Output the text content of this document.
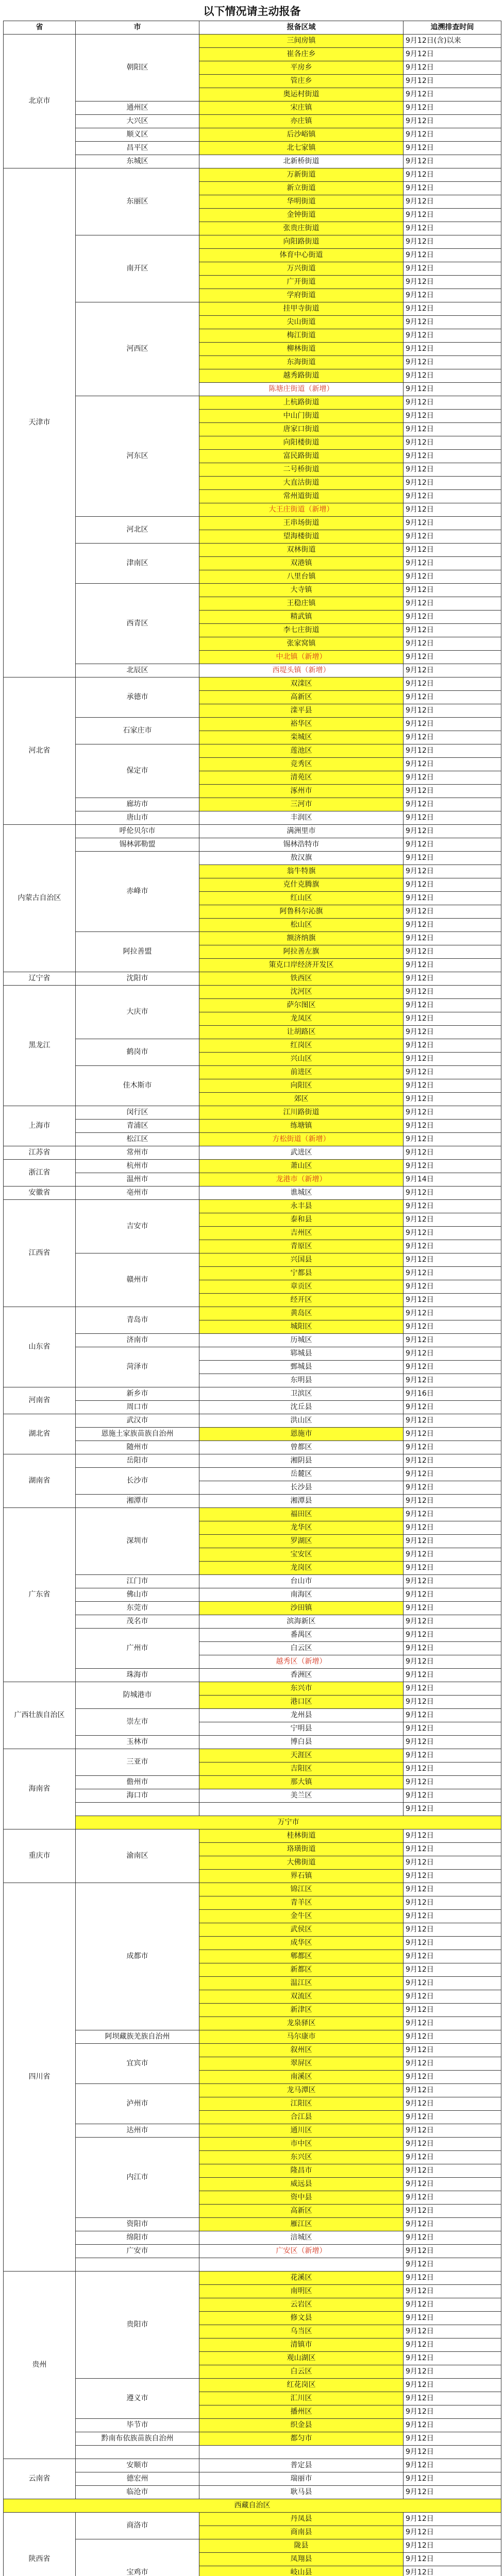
以下情况请主动报备
省	市	报备区域	追溯排查时间
北京市	朝阳区	三间房镇	9月12日(含)以来
		崔各庄乡	9月12日
		平房乡	9月12日
		管庄乡	9月12日
		奥运村街道	9月12日
	通州区	宋庄镇	9月12日
	大兴区	亦庄镇	9月12日
	顺义区	后沙峪镇	9月12日
	昌平区	北七家镇	9月12日
	东城区	北新桥街道	9月12日
天津市	东丽区	万新街道	9月12日
		新立街道	9月12日
		华明街道	9月12日
		金钟街道	9月12日
		张贵庄街道	9月12日
	南开区	向阳路街道	9月12日
		体育中心街道	9月12日
		万兴街道	9月12日
		广开街道	9月12日
		学府街道	9月12日
	河西区	挂甲寺街道	9月12日
		尖山街道	9月12日
		梅江街道	9月12日
		柳林街道	9月12日
		东海街道	9月12日
		越秀路街道	9月12日
		陈塘庄街道（新增）	9月12日
	河东区	上杭路街道	9月12日
		中山门街道	9月12日
		唐家口街道	9月12日
		向阳楼街道	9月12日
		富民路街道	9月12日
		二号桥街道	9月12日
		大直沽街道	9月12日
		常州道街道	9月12日
		大王庄街道（新增）	9月12日
	河北区	王串场街道	9月12日
		望海楼街道	9月12日
	津南区	双林街道	9月12日
		双港镇	9月12日
		八里台镇	9月12日
	西青区	大寺镇	9月12日
		王稳庄镇	9月12日
		精武镇	9月12日
		李七庄街道	9月12日
		张家窝镇	9月12日
		中北镇（新增）	9月12日
	北辰区	西堤头镇（新增）	9月12日
河北省	承德市	双滦区	9月12日
		高新区	9月12日
		滦平县	9月12日
	石家庄市	裕华区	9月12日
		栾城区	9月12日
	保定市	莲池区	9月12日
		竞秀区	9月12日
		清苑区	9月12日
		涿州市	9月12日
	廊坊市	三河市	9月12日
	唐山市	丰润区	9月12日
内蒙古自治区	呼伦贝尔市	满洲里市	9月12日
	锡林郭勒盟	锡林浩特市	9月12日
	赤峰市	敖汉旗	9月12日
		翁牛特旗	9月12日
		克什克腾旗	9月12日
		红山区	9月12日
		阿鲁科尔沁旗	9月12日
		松山区	9月12日
	阿拉善盟	额济纳旗	9月12日
		阿拉善左旗	9月12日
		策克口岸经济开发区	9月12日
辽宁省	沈阳市	铁西区	9月12日
黑龙江	大庆市	沈河区	9月12日
		萨尔图区	9月12日
		龙凤区	9月12日
		让胡路区	9月12日
	鹤岗市	红岗区	9月12日
		兴山区	9月12日
	佳木斯市	前进区	9月12日
		向阳区	9月12日
		郊区	9月12日
上海市	闵行区	江川路街道	9月12日
	青浦区	练塘镇	9月12日
	松江区	方松街道（新增）	9月12日
江苏省	常州市	武进区	9月12日
浙江省	杭州市	萧山区	9月12日
	温州市	龙港市（新增）	9月14日
安徽省	亳州市	谯城区	9月12日
江西省	吉安市	永丰县	9月12日
		泰和县	9月12日
		吉州区	9月12日
		青原区	9月12日
	赣州市	兴国县	9月12日
		宁都县	9月12日
		章贡区	9月12日
		经开区	9月12日
山东省	青岛市	黄岛区	9月12日
		城阳区	9月12日
	济南市	历城区	9月12日
	菏泽市	郓城县	9月12日
		鄄城县	9月12日
		东明县	9月12日
河南省	新乡市	卫滨区	9月16日
	周口市	沈丘县	9月12日
湖北省	武汉市	洪山区	9月12日
	恩施土家族苗族自治州	恩施市	9月12日
	随州市	曾都区	9月12日
湖南省	岳阳市	湘阴县	9月12日
	长沙市	岳麓区	9月12日
		长沙县	9月12日
	湘潭市	湘潭县	9月12日
广东省	深圳市	福田区	9月12日
		龙华区	9月12日
		罗湖区	9月12日
		宝安区	9月12日
		龙岗区	9月12日
	江门市	台山市	9月12日
	佛山市	南海区	9月12日
	东莞市	沙田镇	9月12日
	茂名市	滨海新区	9月12日
	广州市	番禺区	9月12日
		白云区	9月12日
		越秀区（新增）	9月12日
	珠海市	香洲区	9月12日
广西壮族自治区	防城港市	东兴市	9月12日
		港口区	9月12日
	崇左市	龙州县	9月12日
		宁明县	9月12日
	玉林市	博白县	9月12日
海南省	三亚市	天涯区	9月12日
		吉阳区	9月12日
	儋州市	那大镇	9月12日
	海口市	美兰区	9月12日
			9月12日
	万宁市		
重庆市	渝南区	桂林街道	9月12日
		珞璜街道	9月12日
		大佛街道	9月12日
		界石镇	9月12日
四川省	成都市	锦江区	9月12日
		青羊区	9月12日
		金牛区	9月12日
		武侯区	9月12日
		成华区	9月12日
		郫都区	9月12日
		新都区	9月12日
		温江区	9月12日
		双流区	9月12日
		新津区	9月12日
		龙泉驿区	9月12日
	阿坝藏族羌族自治州	马尔康市	9月12日
	宜宾市	叙州区	9月12日
		翠屏区	9月12日
		南溪区	9月12日
	泸州市	龙马潭区	9月12日
		江阳区	9月12日
		合江县	9月12日
	达州市	通川区	9月12日
	内江市	市中区	9月12日
		东兴区	9月12日
		隆昌市	9月12日
		威远县	9月12日
		资中县	9月12日
		高新区	9月12日
	资阳市	雁江区	9月12日
	绵阳市	涪城区	9月12日
	广安市	广安区（新增）	9月12日
			9月12日
贵州	贵阳市	花溪区	9月12日
		南明区	9月12日
		云岩区	9月12日
		修文县	9月12日
		乌当区	9月12日
		清镇市	9月12日
		观山湖区	9月12日
		白云区	9月12日
	遵义市	红花岗区	9月12日
		汇川区	9月12日
		播州区	9月12日
	毕节市	织金县	9月12日
	黔南布依族苗族自治州	都匀市	9月12日
			9月12日
云南省	安顺市	普定县	9月12日
	德宏州	瑞丽市	9月12日
	临沧市	耿马县	9月12日
西藏自治区			
陕西省	商洛市	丹凤县	9月12日
		商南县	9月12日
	宝鸡市	陇县	9月12日
		凤翔县	9月12日
		岐山县	9月12日
